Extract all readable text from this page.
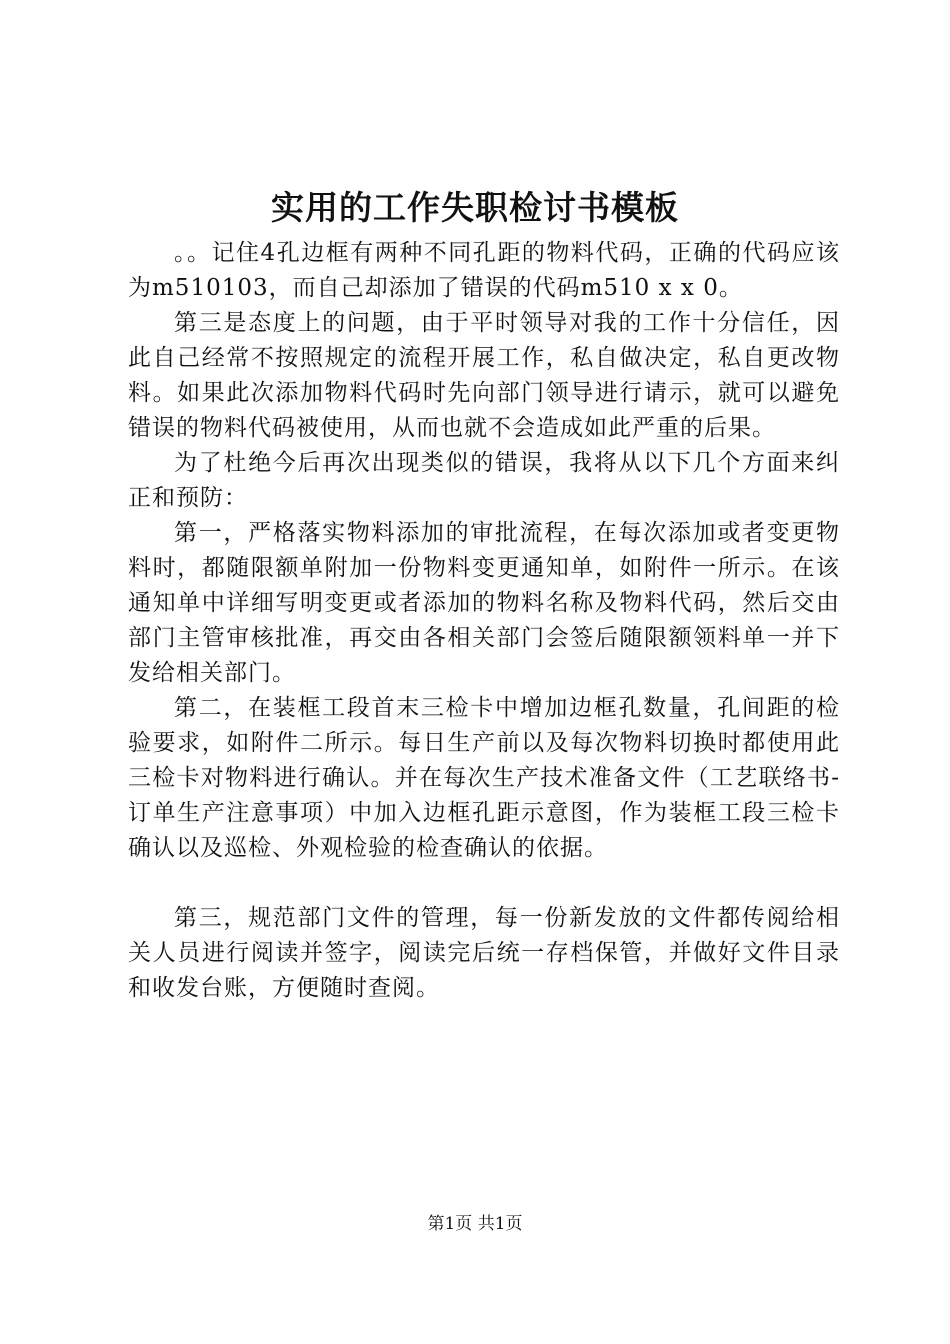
实用的工作失职检讨书模板

。。记住4孔边框有两种不同孔距的物料代码，正确的代码应该为m510103，而自己却添加了错误的代码m510 x x 0。

第三是态度上的问题，由于平时领导对我的工作十分信任，因此自己经常不按照规定的流程开展工作，私自做决定，私自更改物料。如果此次添加物料代码时先向部门领导进行请示，就可以避免错误的物料代码被使用，从而也就不会造成如此严重的后果。

为了杜绝今后再次出现类似的错误，我将从以下几个方面来纠正和预防：

第一，严格落实物料添加的审批流程，在每次添加或者变更物料时，都随限额单附加一份物料变更通知单，如附件一所示。在该通知单中详细写明变更或者添加的物料名称及物料代码，然后交由部门主管审核批准，再交由各相关部门会签后随限额领料单一并下发给相关部门。

第二，在装框工段首末三检卡中增加边框孔数量，孔间距的检验要求，如附件二所示。每日生产前以及每次物料切换时都使用此三检卡对物料进行确认。并在每次生产技术准备文件（工艺联络书-订单生产注意事项）中加入边框孔距示意图，作为装框工段三检卡确认以及巡检、外观检验的检查确认的依据。

第三，规范部门文件的管理，每一份新发放的文件都传阅给相关人员进行阅读并签字，阅读完后统一存档保管，并做好文件目录和收发台账，方便随时查阅。

第1页 共1页
